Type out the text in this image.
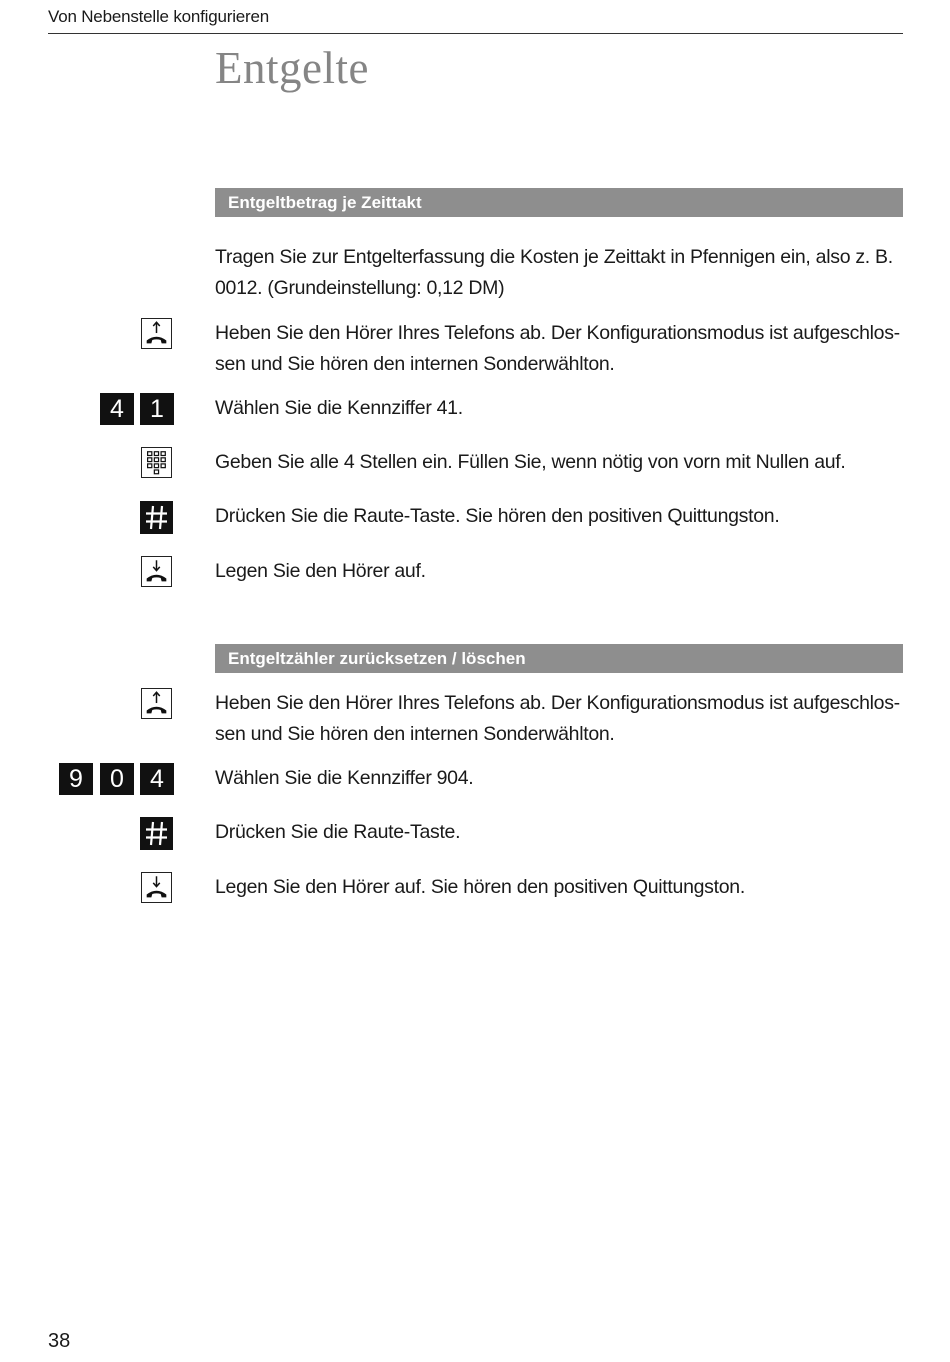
Von Nebenstelle konfigurieren
Entgelte
Entgeltbetrag je Zeittakt
Tragen Sie zur Entgelterfassung die Kosten je Zeittakt in Pfennigen ein, also z. B.
0012. (Grundeinstellung: 0,12 DM)
Heben Sie den Hörer Ihres Telefons ab. Der Konfigurationsmodus ist aufgeschlos-
sen und Sie hören den internen Sonderwählton.
4	1	Wählen Sie die Kennziffer 41.
Geben Sie alle 4 Stellen ein. Füllen Sie, wenn nötig von vorn mit Nullen auf.
Drücken Sie die Raute-Taste. Sie hören den positiven Quittungston.
Legen Sie den Hörer auf.
Entgeltzähler zurücksetzen / löschen
Heben Sie den Hörer Ihres Telefons ab. Der Konfigurationsmodus ist aufgeschlos-
sen und Sie hören den internen Sonderwählton.
9	0	4	Wählen Sie die Kennziffer 904.
Drücken Sie die Raute-Taste.
Legen Sie den Hörer auf. Sie hören den positiven Quittungston.
38
